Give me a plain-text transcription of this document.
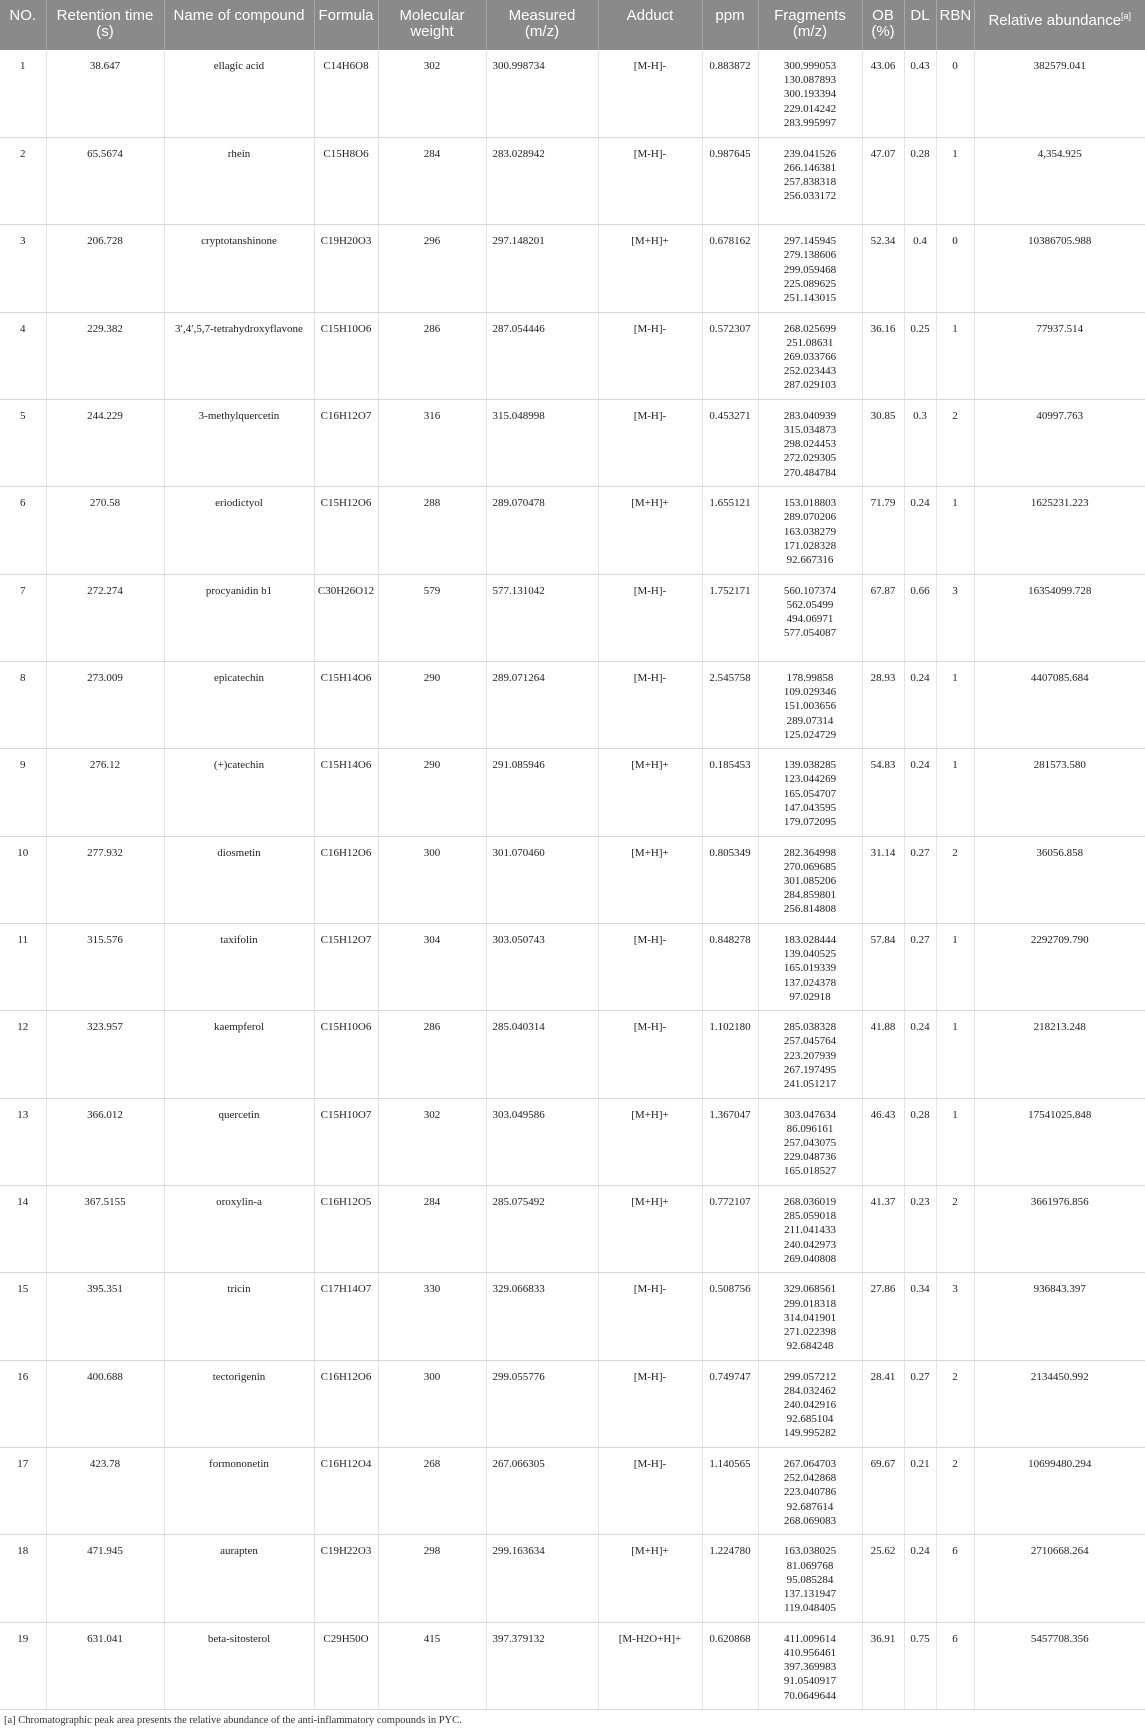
NO.	Retention time (s)	Name of compound	Formula	Molecular weight	Measured (m/z)	Adduct	ppm	Fragments (m/z)	OB (%)	DL	RBN	Relative abundance[a]
1	38.647	ellagic acid	C14H6O8	302	300.998734	[M-H]-	0.883872	300.999053
130.087893
300.193394
229.014242
283.995997	43.06	0.43	0	382579.041
2	65.5674	rhein	C15H8O6	284	283.028942	[M-H]-	0.987645	239.041526
266.146381
257.838318
256.033172	47.07	0.28	1	4,354.925
3	206.728	cryptotanshinone	C19H20O3	296	297.148201	[M+H]+	0.678162	297.145945
279.138606
299.059468
225.089625
251.143015	52.34	0.4	0	10386705.988
4	229.382	3′,4′,5,7-tetrahydroxyflavone	C15H10O6	286	287.054446	[M-H]-	0.572307	268.025699
251.08631
269.033766
252.023443
287.029103	36.16	0.25	1	77937.514
5	244.229	3-methylquercetin	C16H12O7	316	315.048998	[M-H]-	0.453271	283.040939
315.034873
298.024453
272.029305
270.484784	30.85	0.3	2	40997.763
6	270.58	eriodictyol	C15H12O6	288	289.070478	[M+H]+	1.655121	153.018803
289.070206
163.038279
171.028328
92.667316	71.79	0.24	1	1625231.223
7	272.274	procyanidin b1	C30H26O12	579	577.131042	[M-H]-	1.752171	560.107374
562.05499
494.06971
577.054087	67.87	0.66	3	16354099.728
8	273.009	epicatechin	C15H14O6	290	289.071264	[M-H]-	2.545758	178.99858
109.029346
151.003656
289.07314
125.024729	28.93	0.24	1	4407085.684
9	276.12	(+)catechin	C15H14O6	290	291.085946	[M+H]+	0.185453	139.038285
123.044269
165.054707
147.043595
179.072095	54.83	0.24	1	281573.580
10	277.932	diosmetin	C16H12O6	300	301.070460	[M+H]+	0.805349	282.364998
270.069685
301.085206
284.859801
256.814808	31.14	0.27	2	36056.858
11	315.576	taxifolin	C15H12O7	304	303.050743	[M-H]-	0.848278	183.028444
139.040525
165.019339
137.024378
97.02918	57.84	0.27	1	2292709.790
12	323.957	kaempferol	C15H10O6	286	285.040314	[M-H]-	1.102180	285.038328
257.045764
223.207939
267.197495
241.051217	41.88	0.24	1	218213.248
13	366.012	quercetin	C15H10O7	302	303.049586	[M+H]+	1.367047	303.047634
86.096161
257.043075
229.048736
165.018527	46.43	0.28	1	17541025.848
14	367.5155	oroxylin-a	C16H12O5	284	285.075492	[M+H]+	0.772107	268.036019
285.059018
211.041433
240.042973
269.040808	41.37	0.23	2	3661976.856
15	395.351	tricin	C17H14O7	330	329.066833	[M-H]-	0.508756	329.068561
299.018318
314.041901
271.022398
92.684248	27.86	0.34	3	936843.397
16	400.688	tectorigenin	C16H12O6	300	299.055776	[M-H]-	0.749747	299.057212
284.032462
240.042916
92.685104
149.995282	28.41	0.27	2	2134450.992
17	423.78	formononetin	C16H12O4	268	267.066305	[M-H]-	1.140565	267.064703
252.042868
223.040786
92.687614
268.069083	69.67	0.21	2	10699480.294
18	471.945	aurapten	C19H22O3	298	299.163634	[M+H]+	1.224780	163.038025
81.069768
95.085284
137.131947
119.048405	25.62	0.24	6	2710668.264
19	631.041	beta-sitosterol	C29H50O	415	397.379132	[M-H2O+H]+	0.620868	411.009614
410.956461
397.369983
91.0540917
70.0649644	36.91	0.75	6	5457708.356
[a] Chromatographic peak area presents the relative abundance of the anti-inflammatory compounds in PYC.
